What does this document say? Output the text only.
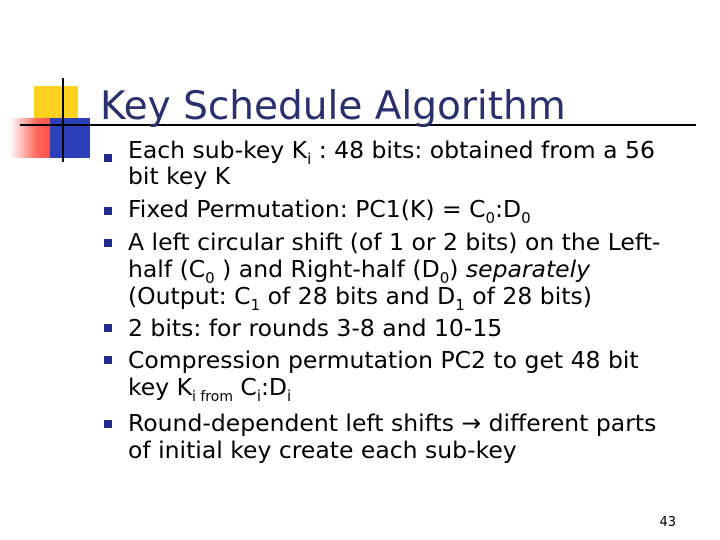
Key Schedule Algorithm
Each sub-key $K_i$ : 48 bits: obtained from a 56
bit key K
Fixed Permutation: $PC1(K) = C_0:D_0$
A left circular shift (of 1 or 2 bits) on the Left-
half ($C_0$ ) and Right-half $(D_0)$ separately
(Output: $C_1$ of 28 bits and $D_1$ of 28 bits)
2 bits: for rounds 3-8 and 10-15
Compression permutation PC2 to get 48 bit
key $K_{i from}$ $C_i:D_i$
Round-dependent left shifts → different parts
of initial key create each sub-key
43
